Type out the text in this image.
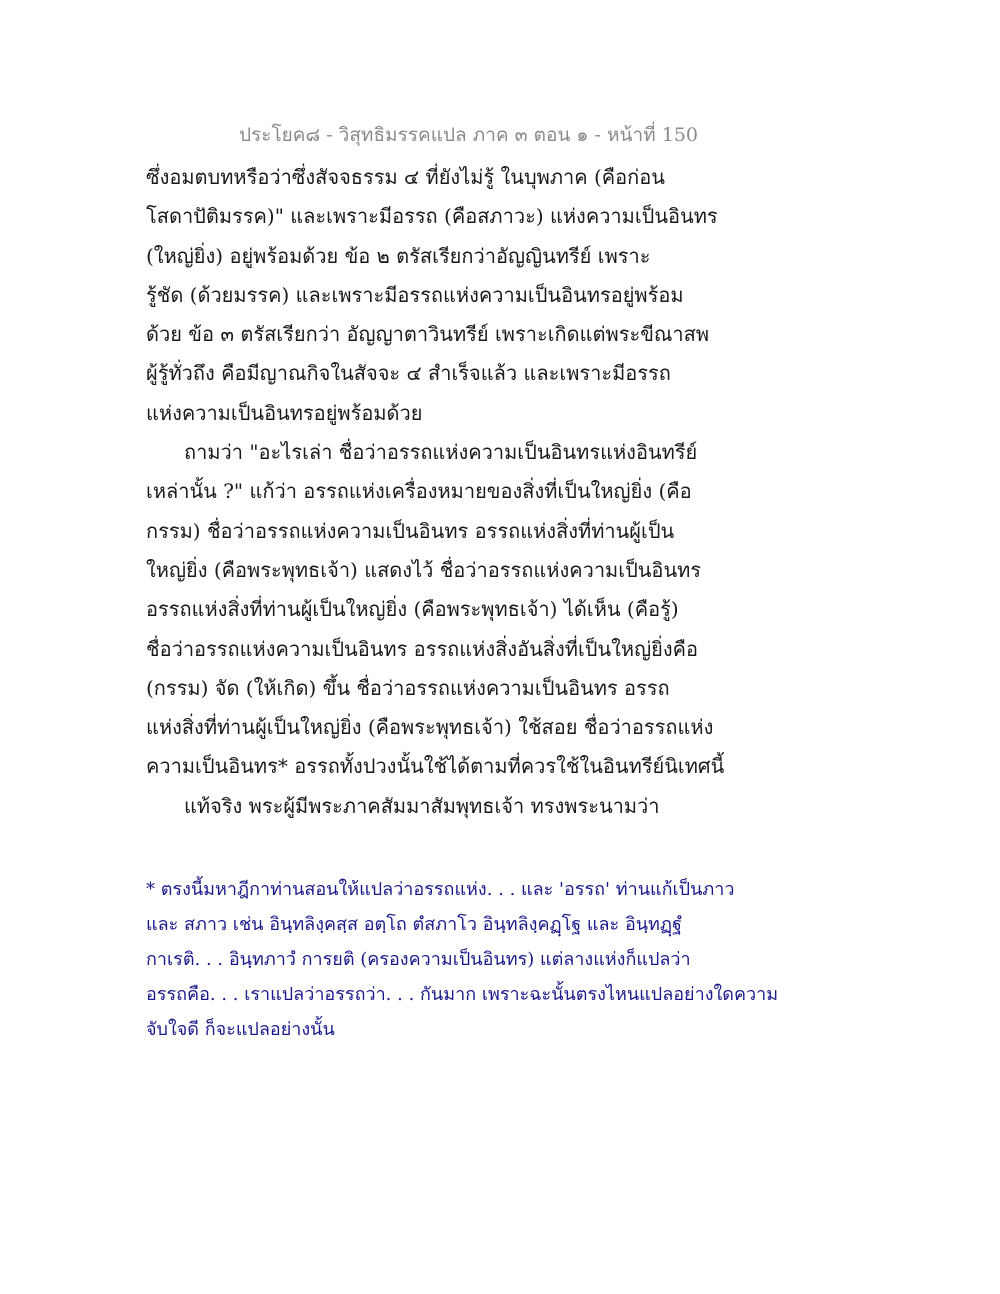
ประโยค๘ - วิสุทธิมรรคแปล ภาค ๓ ตอน ๑ - หน้าที่ 150
ซึ่งอมตบทหรือว่าซึ่งสัจจธรรม ๔ ที่ยังไม่รู้ ในบุพภาค (คือก่อน
โสดาปัติมรรค)" และเพราะมีอรรถ (คือสภาวะ) แห่งความเป็นอินทร
(ใหญ่ยิ่ง) อยู่พร้อมด้วย ข้อ ๒ ตรัสเรียกว่าอัญญินทรีย์ เพราะ
รู้ชัด (ด้วยมรรค) และเพราะมีอรรถแห่งความเป็นอินทรอยู่พร้อม
ด้วย ข้อ ๓ ตรัสเรียกว่า อัญญาตาวินทรีย์ เพราะเกิดแต่พระขีณาสพ
ผู้รู้ทั่วถึง คือมีญาณกิจในสัจจะ ๔ สำเร็จแล้ว และเพราะมีอรรถ
แห่งความเป็นอินทรอยู่พร้อมด้วย
ถามว่า "อะไรเล่า ชื่อว่าอรรถแห่งความเป็นอินทรแห่งอินทรีย์
เหล่านั้น ?" แก้ว่า อรรถแห่งเครื่องหมายของสิ่งที่เป็นใหญ่ยิ่ง (คือ
กรรม) ชื่อว่าอรรถแห่งความเป็นอินทร อรรถแห่งสิ่งที่ท่านผู้เป็น
ใหญ่ยิ่ง (คือพระพุทธเจ้า) แสดงไว้ ชื่อว่าอรรถแห่งความเป็นอินทร
อรรถแห่งสิ่งที่ท่านผู้เป็นใหญ่ยิ่ง (คือพระพุทธเจ้า) ได้เห็น (คือรู้)
ชื่อว่าอรรถแห่งความเป็นอินทร อรรถแห่งสิ่งอันสิ่งที่เป็นใหญ่ยิ่งคือ
(กรรม) จัด (ให้เกิด) ขึ้น ชื่อว่าอรรถแห่งความเป็นอินทร อรรถ
แห่งสิ่งที่ท่านผู้เป็นใหญ่ยิ่ง (คือพระพุทธเจ้า) ใช้สอย ชื่อว่าอรรถแห่ง
ความเป็นอินทร* อรรถทั้งปวงนั้นใช้ได้ตามที่ควรใช้ในอินทรีย์นิเทศนี้
แท้จริง พระผู้มีพระภาคสัมมาสัมพุทธเจ้า ทรงพระนามว่า
* ตรงนี้มหาฎีกาท่านสอนให้แปลว่าอรรถแห่ง. . . และ 'อรรถ' ท่านแก้เป็นภาว
และ สภาว เช่น อินฺทลิงฺคสฺส อตฺโถ ตํสภาโว อินฺทลิงฺคฏฺโฐ และ อินฺทฏฺฐํ
กาเรติ. . . อินฺทภาวํ การยติ (ครองความเป็นอินทร) แต่ลางแห่งก็แปลว่า
อรรถคือ. . . เราแปลว่าอรรถว่า. . . กันมาก เพราะฉะนั้นตรงไหนแปลอย่างใดความ
จับใจดี ก็จะแปลอย่างนั้น
